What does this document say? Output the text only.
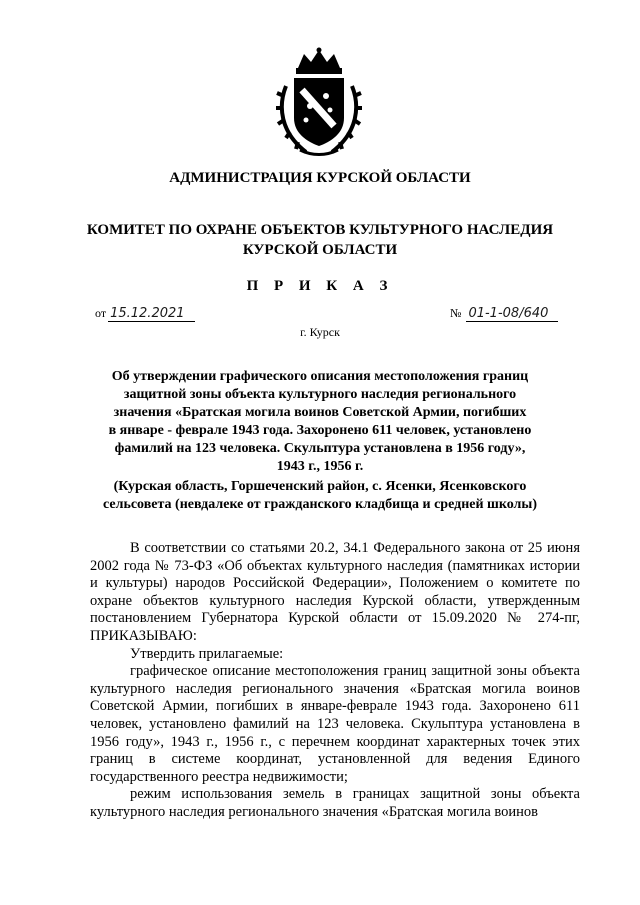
АДМИНИСТРАЦИЯ КУРСКОЙ ОБЛАСТИ
КОМИТЕТ ПО ОХРАНЕ ОБЪЕКТОВ КУЛЬТУРНОГО НАСЛЕДИЯ
КУРСКОЙ ОБЛАСТИ
П Р И К А З
от 15.12.2021	№ 01-1-08/640
г. Курск
Об утверждении графического описания местоположения границ
защитной зоны объекта культурного наследия регионального
значения «Братская могила воинов Советской Армии, погибших
в январе - феврале 1943 года. Захоронено 611 человек, установлено
фамилий на 123 человека. Скульптура установлена в 1956 году»,
1943 г., 1956 г.
(Курская область, Горшеченский район, с. Ясенки, Ясенковского
сельсовета (невдалеке от гражданского кладбища и средней школы)

В соответствии со статьями 20.2, 34.1 Федерального закона от 25 июня 2002 года № 73-ФЗ «Об объектах культурного наследия (памятниках истории и культуры) народов Российской Федерации», Положением о комитете по охране объектов культурного наследия Курской области, утвержденным постановлением Губернатора Курской области от 15.09.2020 № 274-пг, ПРИКАЗЫВАЮ:

Утвердить прилагаемые:

графическое описание местоположения границ защитной зоны объекта культурного наследия регионального значения «Братская могила воинов Советской Армии, погибших в январе-феврале 1943 года. Захоронено 611 человек, установлено фамилий на 123 человека. Скульптура установлена в 1956 году», 1943 г., 1956 г., с перечнем координат характерных точек этих границ в системе координат, установленной для ведения Единого государственного реестра недвижимости;

режим использования земель в границах защитной зоны объекта культурного наследия регионального значения «Братская могила воинов
